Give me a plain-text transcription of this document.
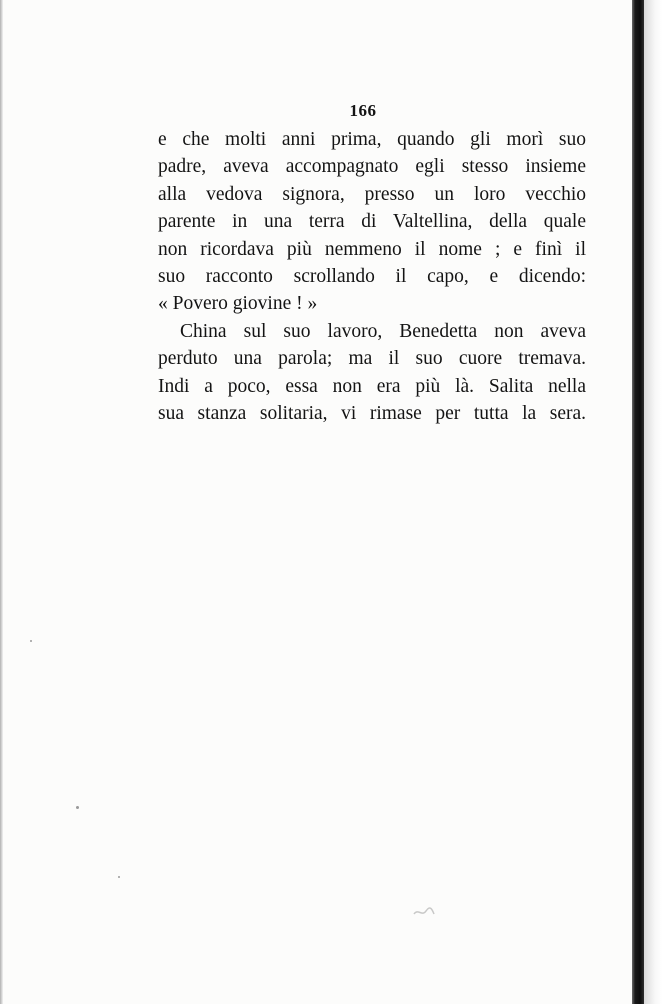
166
e che molti anni prima, quando gli morì suo
padre, aveva accompagnato egli stesso insieme
alla vedova signora, presso un loro vecchio
parente in una terra di Valtellina, della quale
non ricordava più nemmeno il nome ; e finì il
suo racconto scrollando il capo, e dicendo:
« Povero giovine ! »
China sul suo lavoro, Benedetta non aveva
perduto una parola; ma il suo cuore tremava.
Indi a poco, essa non era più là. Salita nella
sua stanza solitaria, vi rimase per tutta la sera.
